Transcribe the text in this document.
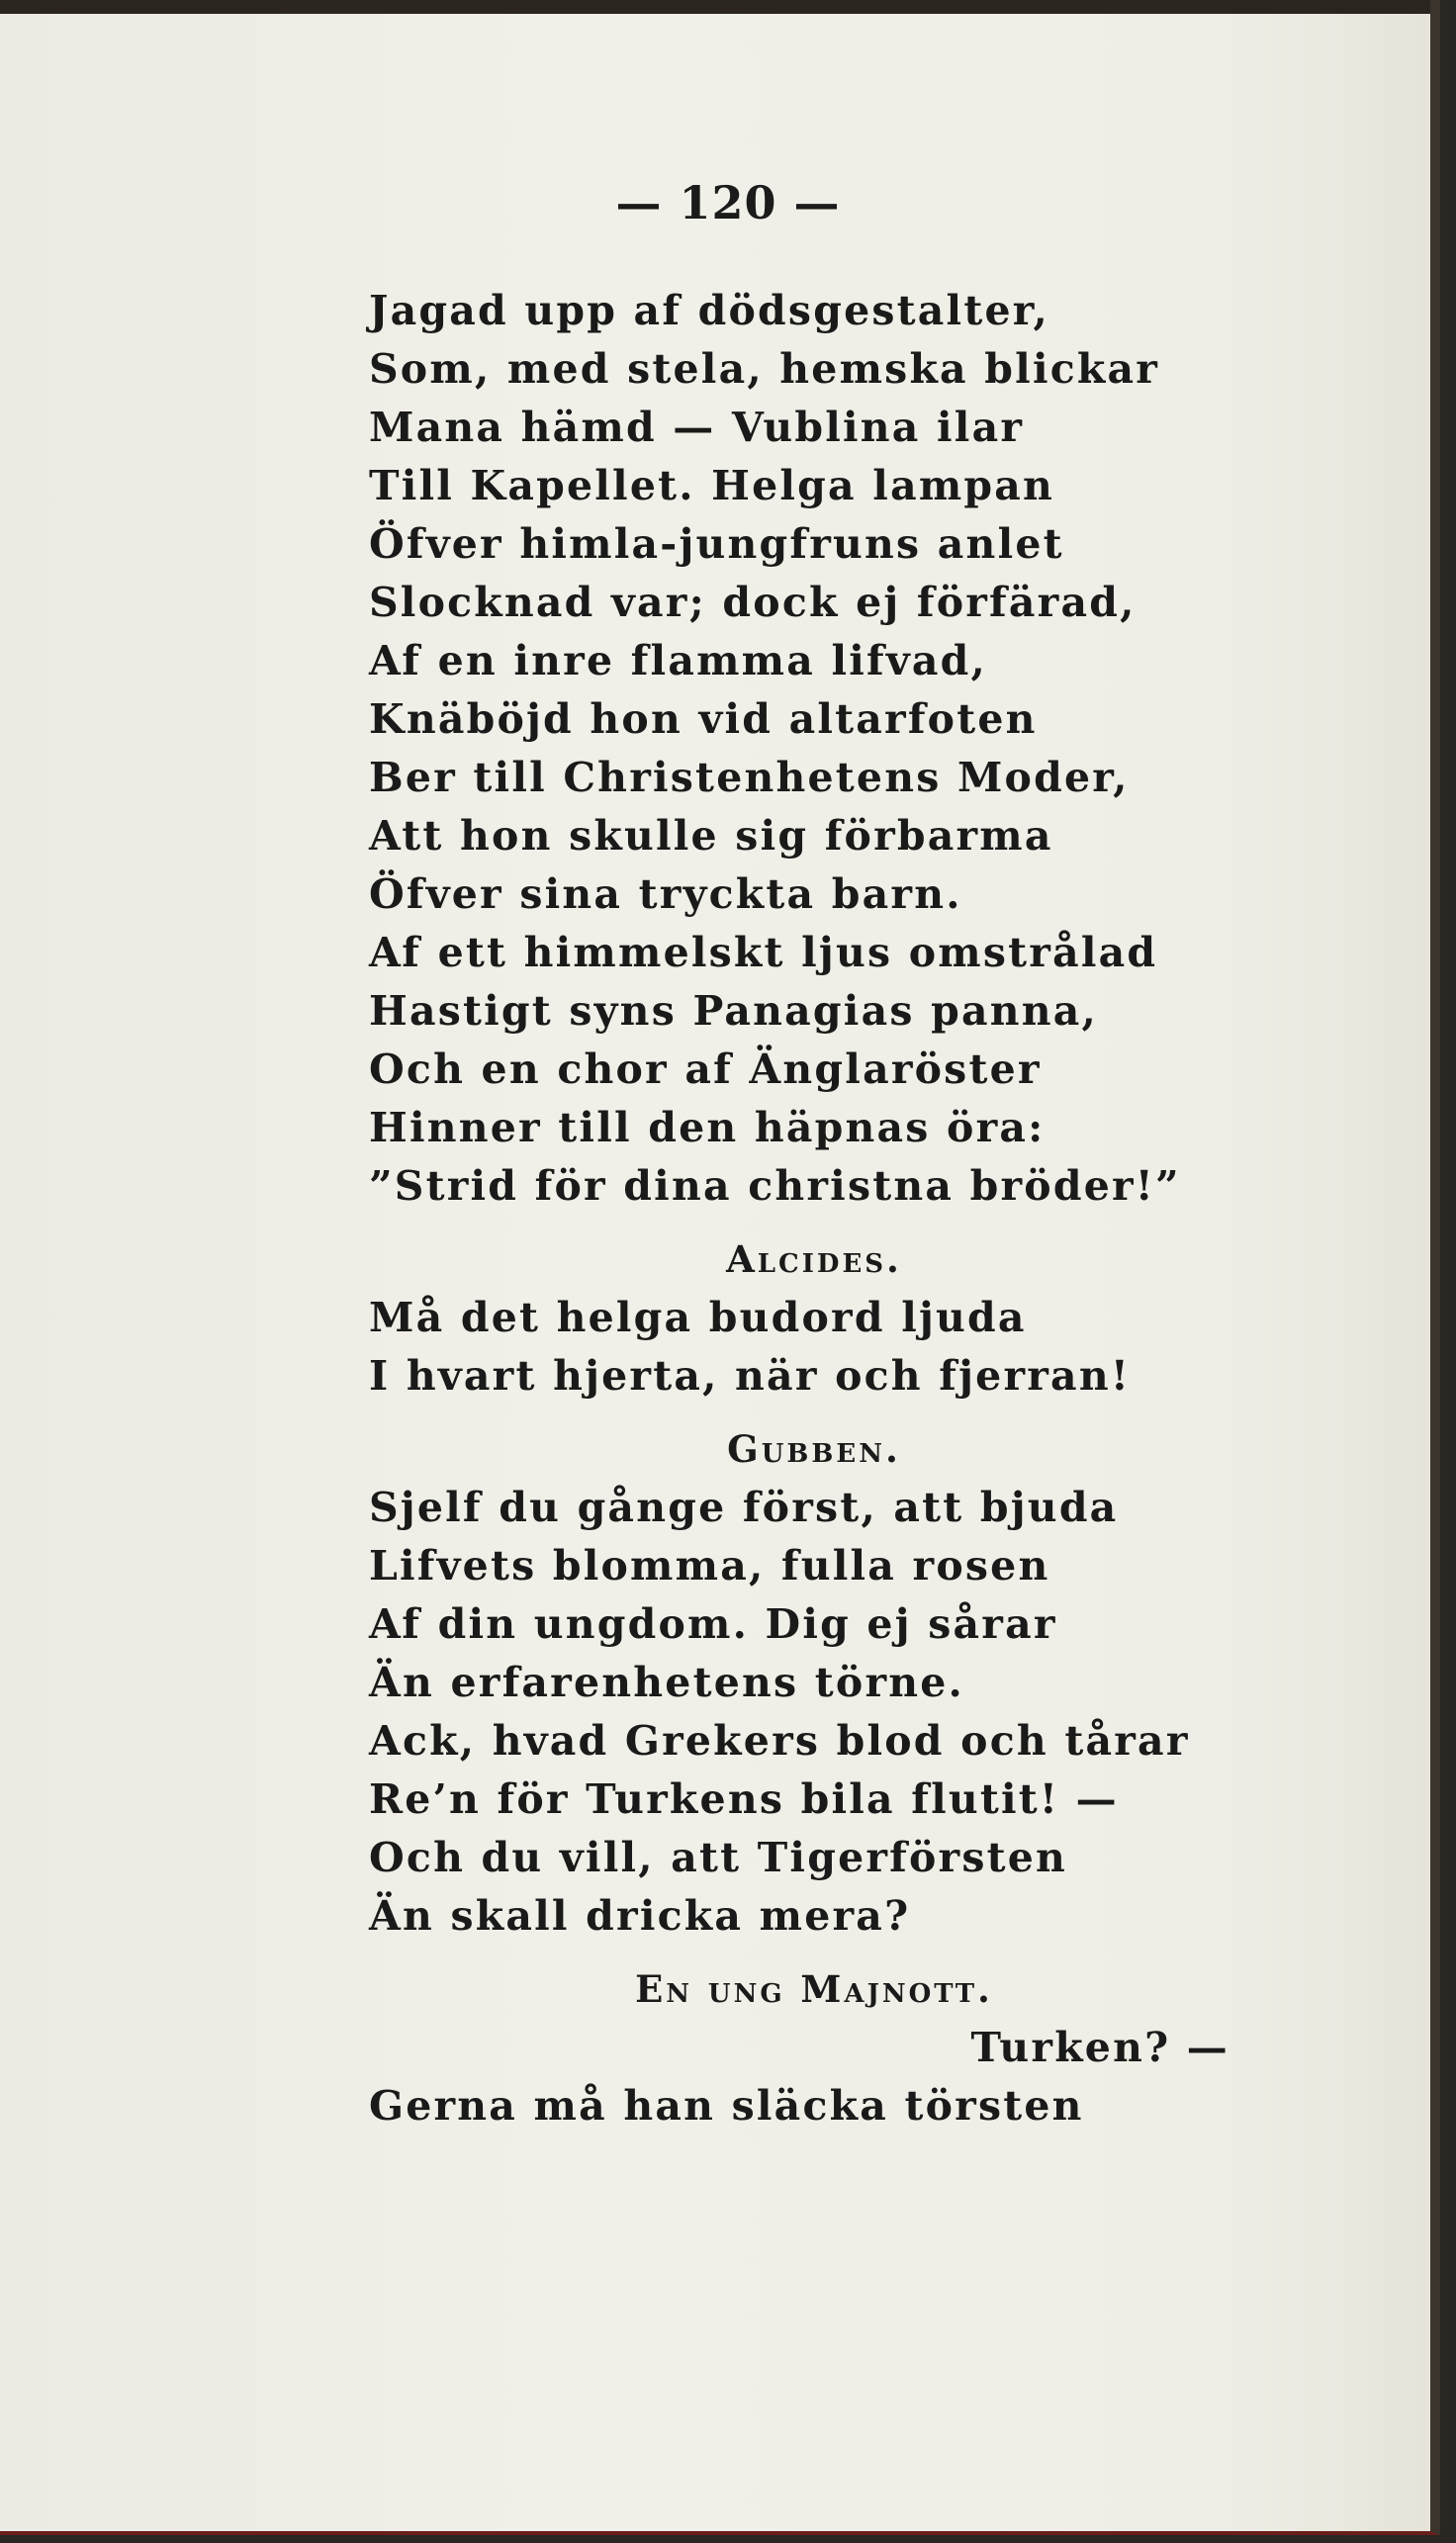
— 120 —
Jagad upp af dödsgestalter,
Som, med stela, hemska blickar
Mana hämd — Vublina ilar
Till Kapellet. Helga lampan
Öfver himla-jungfruns anlet
Slocknad var; dock ej förfärad,
Af en inre flamma lifvad,
Knäböjd hon vid altarfoten
Ber till Christenhetens Moder,
Att hon skulle sig förbarma
Öfver sina tryckta barn.
Af ett himmelskt ljus omstrålad
Hastigt syns Panagias panna,
Och en chor af Änglaröster
Hinner till den häpnas öra:
”Strid för dina christna bröder!”
Alcides.
Må det helga budord ljuda
I hvart hjerta, när och fjerran!
Gubben.
Sjelf du gånge först, att bjuda
Lifvets blomma, fulla rosen
Af din ungdom. Dig ej sårar
Än erfarenhetens törne.
Ack, hvad Grekers blod och tårar
Re’n för Turkens bila flutit! —
Och du vill, att Tigerförsten
Än skall dricka mera?
En ung Majnott.
Turken? —
Gerna må han släcka törsten
